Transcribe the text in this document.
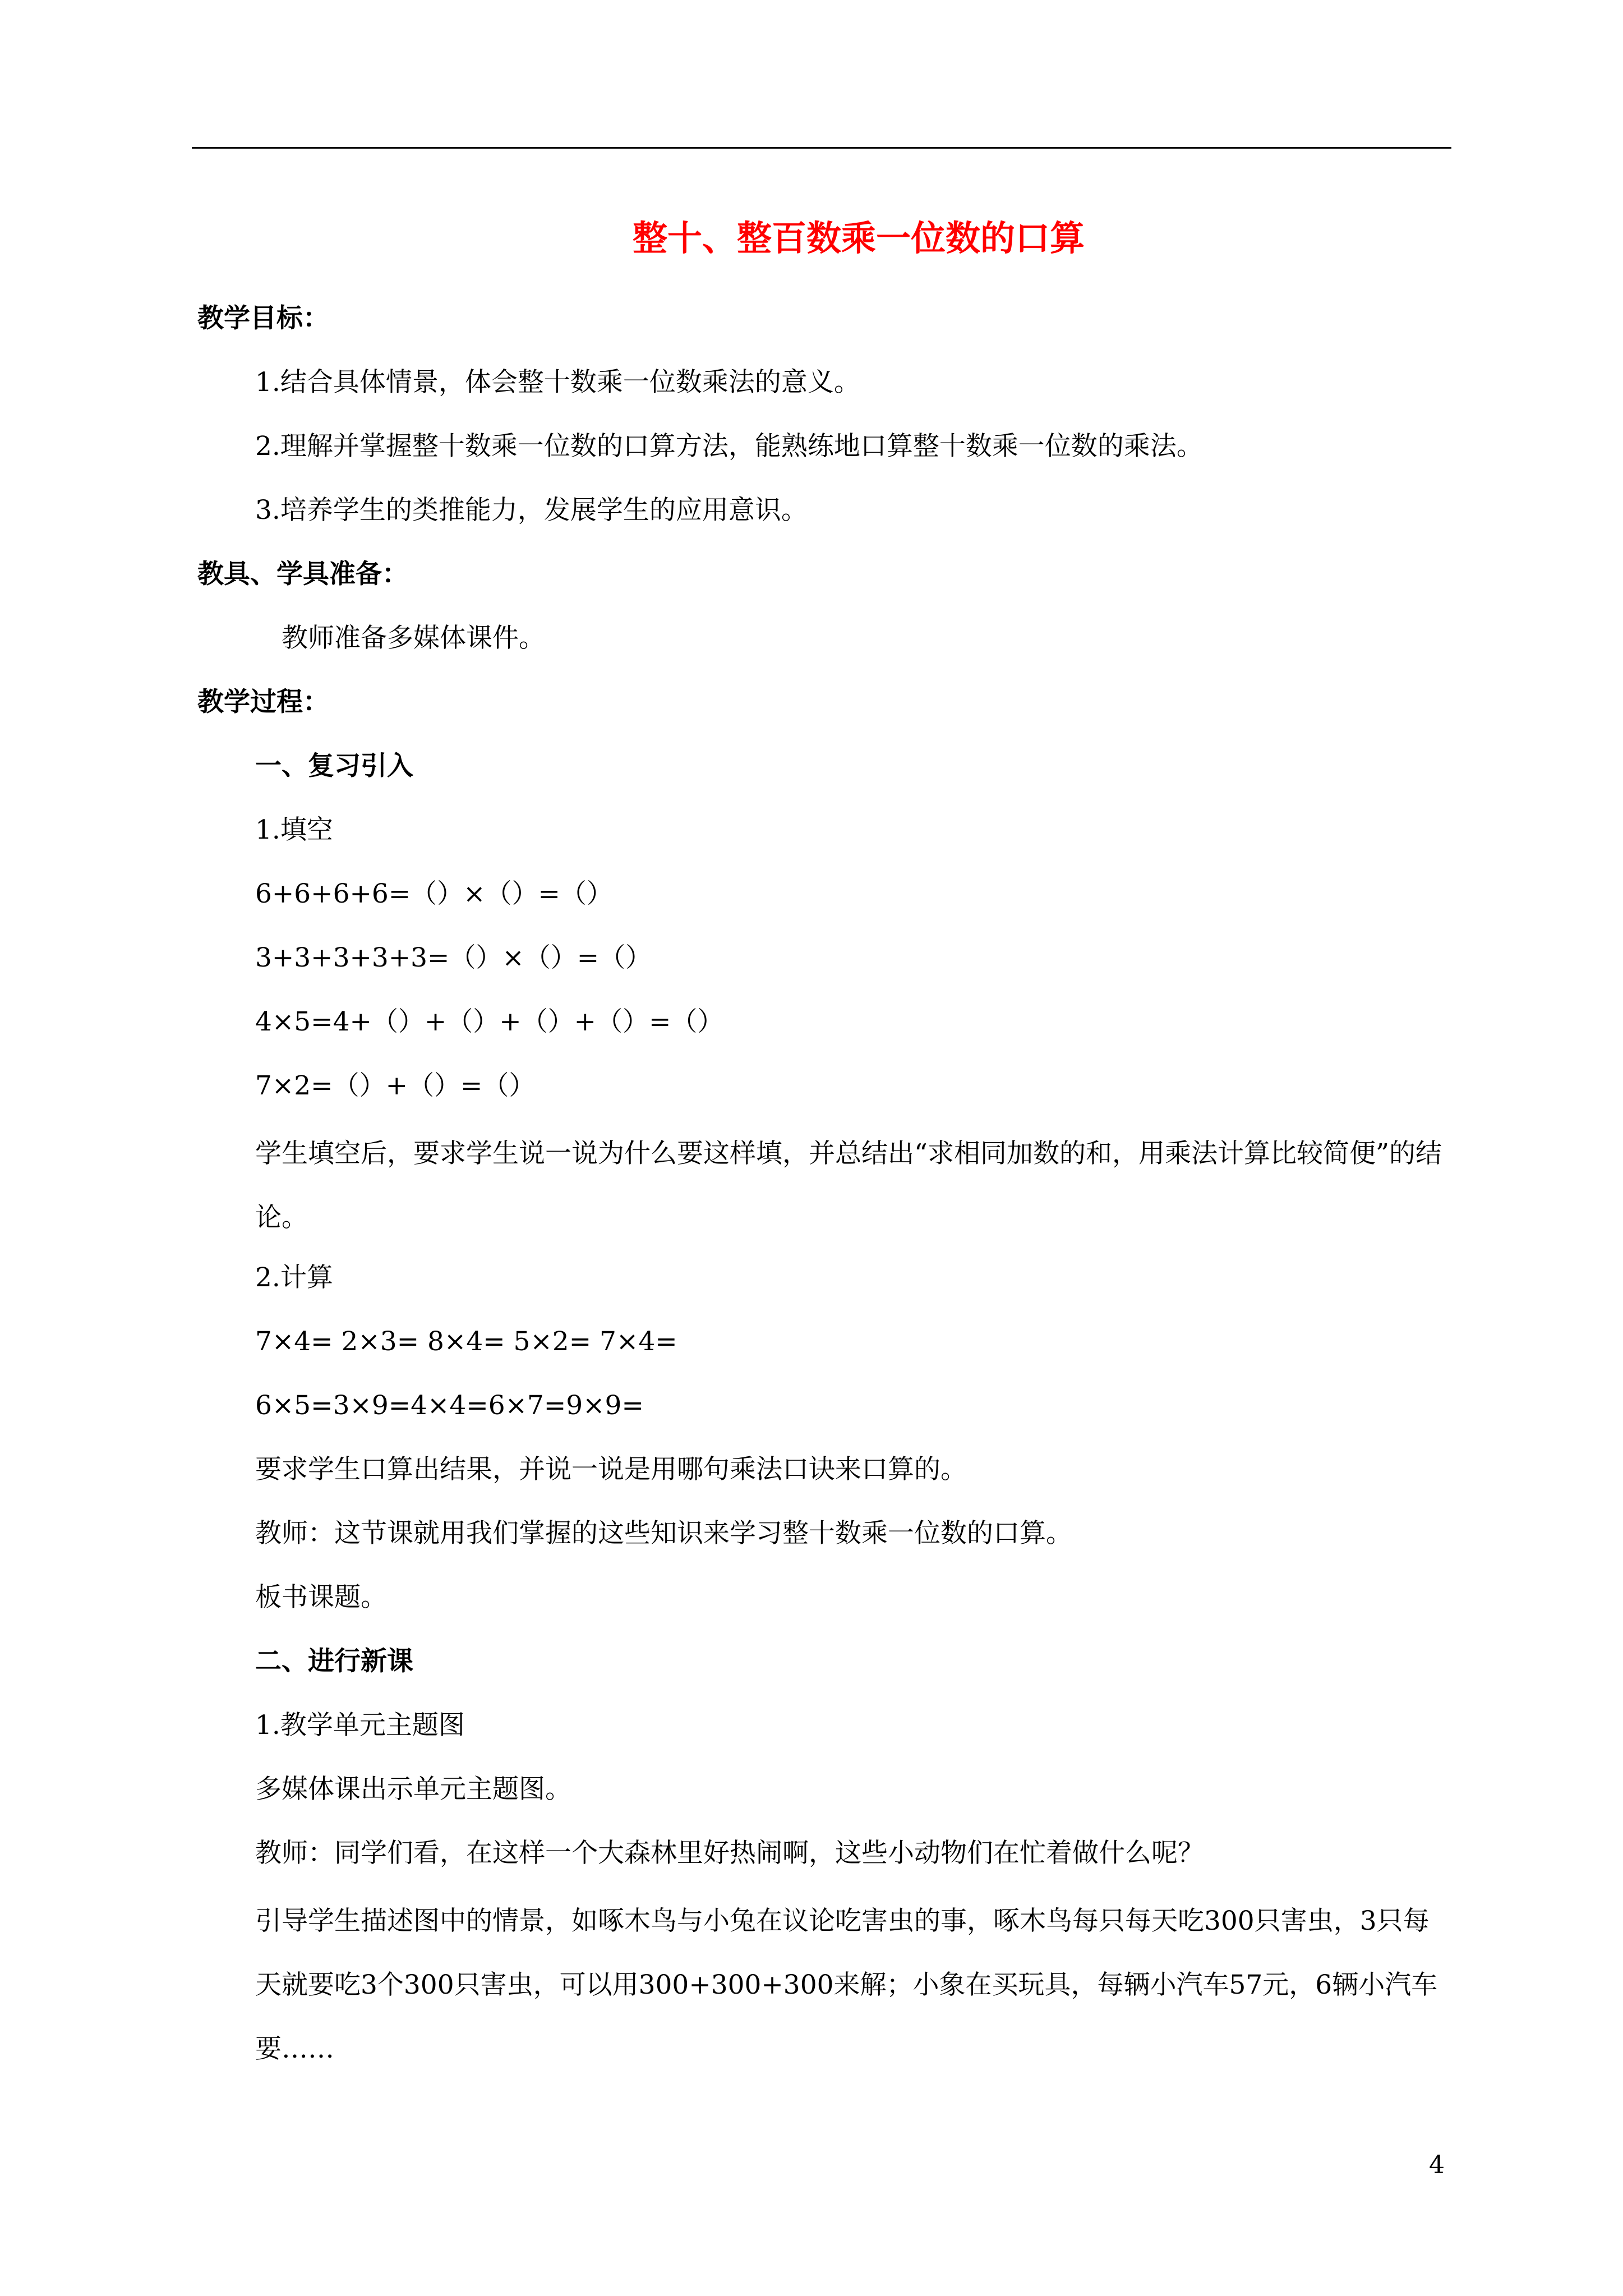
整十、整百数乘一位数的口算
教学目标：
1.结合具体情景，体会整十数乘一位数乘法的意义。
2.理解并掌握整十数乘一位数的口算方法，能熟练地口算整十数乘一位数的乘法。
3.培养学生的类推能力，发展学生的应用意识。
教具、学具准备：
教师准备多媒体课件。
教学过程：
一、复习引入
1.填空
6+6+6+6=（）×（）=（）
3+3+3+3+3=（）×（）=（）
4×5=4+（）+（）+（）+（）=（）
7×2=（）+（）=（）
学生填空后，要求学生说一说为什么要这样填，并总结出“求相同加数的和，用乘法计算比较简便”的结论。
2.计算
7×4= 2×3= 8×4= 5×2= 7×4=
6×5=3×9=4×4=6×7=9×9=
要求学生口算出结果，并说一说是用哪句乘法口诀来口算的。
教师：这节课就用我们掌握的这些知识来学习整十数乘一位数的口算。
板书课题。
二、进行新课
1.教学单元主题图
多媒体课出示单元主题图。
教师：同学们看，在这样一个大森林里好热闹啊，这些小动物们在忙着做什么呢？
引导学生描述图中的情景，如啄木鸟与小兔在议论吃害虫的事，啄木鸟每只每天吃300只害虫，3只每天就要吃3个300只害虫，可以用300+300+300来解；小象在买玩具，每辆小汽车57元，6辆小汽车要……
4
